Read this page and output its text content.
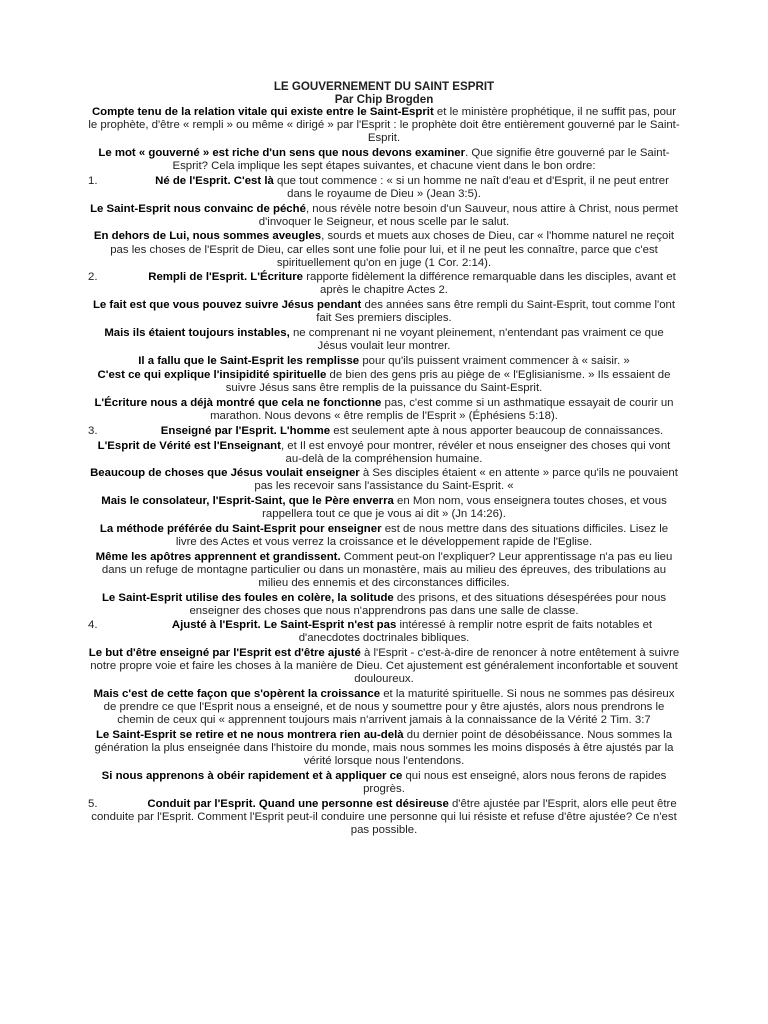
LE GOUVERNEMENT DU SAINT ESPRIT

Par Chip Brogden

Compte tenu de la relation vitale qui existe entre le Saint-Esprit et le ministère prophétique, il ne suffit pas, pour le prophète, d'être « rempli » ou même « dirigé » par l'Esprit : le prophète doit être entièrement gouverné par le Saint-Esprit.

Le mot « gouverné » est riche d'un sens que nous devons examiner. Que signifie être gouverné par le Saint-Esprit? Cela implique les sept étapes suivantes, et chacune vient dans le bon ordre:

1.	Né de l'Esprit. C'est là que tout commence : « si un homme ne naît d'eau et d'Esprit, il ne peut entrer dans le royaume de Dieu » (Jean 3:5).

Le Saint-Esprit nous convainc de péché, nous révèle notre besoin d'un Sauveur, nous attire à Christ, nous permet d'invoquer le Seigneur, et nous scelle par le salut.

En dehors de Lui, nous sommes aveugles, sourds et muets aux choses de Dieu, car « l'homme naturel ne reçoit pas les choses de l'Esprit de Dieu, car elles sont une folie pour lui, et il ne peut les connaître, parce que c'est spirituellement qu'on en juge (1 Cor. 2:14).

2.	Rempli de l'Esprit. L'Écriture rapporte fidèlement la différence remarquable dans les disciples, avant et après le chapitre Actes 2.

Le fait est que vous pouvez suivre Jésus pendant des années sans être rempli du Saint-Esprit, tout comme l'ont fait Ses premiers disciples.

Mais ils étaient toujours instables, ne comprenant ni ne voyant pleinement, n'entendant pas vraiment ce que Jésus voulait leur montrer.

Il a fallu que le Saint-Esprit les remplisse pour qu'ils puissent vraiment commencer à « saisir. »

C'est ce qui explique l'insipidité spirituelle de bien des gens pris au piège de « l'Eglisianisme. » Ils essaient de suivre Jésus sans être remplis de la puissance du Saint-Esprit.

L'Écriture nous a déjà montré que cela ne fonctionne pas, c'est comme si un asthmatique essayait de courir un marathon. Nous devons « être remplis de l'Esprit » (Éphésiens 5:18).

3.	Enseigné par l'Esprit. L'homme est seulement apte à nous apporter beaucoup de connaissances.

L'Esprit de Vérité est l'Enseignant, et Il est envoyé pour montrer, révéler et nous enseigner des choses qui vont au-delà de la compréhension humaine.

Beaucoup de choses que Jésus voulait enseigner à Ses disciples étaient « en attente » parce qu'ils ne pouvaient pas les recevoir sans l'assistance du Saint-Esprit. «

Mais le consolateur, l'Esprit-Saint, que le Père enverra en Mon nom, vous enseignera toutes choses, et vous rappellera tout ce que je vous ai dit » (Jn 14:26).

La méthode préférée du Saint-Esprit pour enseigner est de nous mettre dans des situations difficiles. Lisez le livre des Actes et vous verrez la croissance et le développement rapide de l'Eglise.

Même les apôtres apprennent et grandissent. Comment peut-on l'expliquer? Leur apprentissage n'a pas eu lieu dans un refuge de montagne particulier ou dans un monastère, mais au milieu des épreuves, des tribulations au milieu des ennemis et des circonstances difficiles.

Le Saint-Esprit utilise des foules en colère, la solitude des prisons, et des situations désespérées pour nous enseigner des choses que nous n'apprendrons pas dans une salle de classe.

4.	Ajusté à l'Esprit. Le Saint-Esprit n'est pas intéressé à remplir notre esprit de faits notables et d'anecdotes doctrinales bibliques.

Le but d'être enseigné par l'Esprit est d'être ajusté à l'Esprit - c'est-à-dire de renoncer à notre entêtement à suivre notre propre voie et faire les choses à la manière de Dieu. Cet ajustement est généralement inconfortable et souvent douloureux.

Mais c'est de cette façon que s'opèrent la croissance et la maturité spirituelle. Si nous ne sommes pas désireux de prendre ce que l'Esprit nous a enseigné, et de nous y soumettre pour y être ajustés, alors nous prendrons le chemin de ceux qui « apprennent toujours mais n'arrivent jamais à la connaissance de la Vérité 2 Tim. 3:7

Le Saint-Esprit se retire et ne nous montrera rien au-delà du dernier point de désobéissance. Nous sommes la génération la plus enseignée dans l'histoire du monde, mais nous sommes les moins disposés à être ajustés par la vérité lorsque nous l'entendons.

Si nous apprenons à obéir rapidement et à appliquer ce qui nous est enseigné, alors nous ferons de rapides progrès.

5.	Conduit par l'Esprit. Quand une personne est désireuse d'être ajustée par l'Esprit, alors elle peut être conduite par l'Esprit. Comment l'Esprit peut-il conduire une personne qui lui résiste et refuse d'être ajustée? Ce n'est pas possible.
